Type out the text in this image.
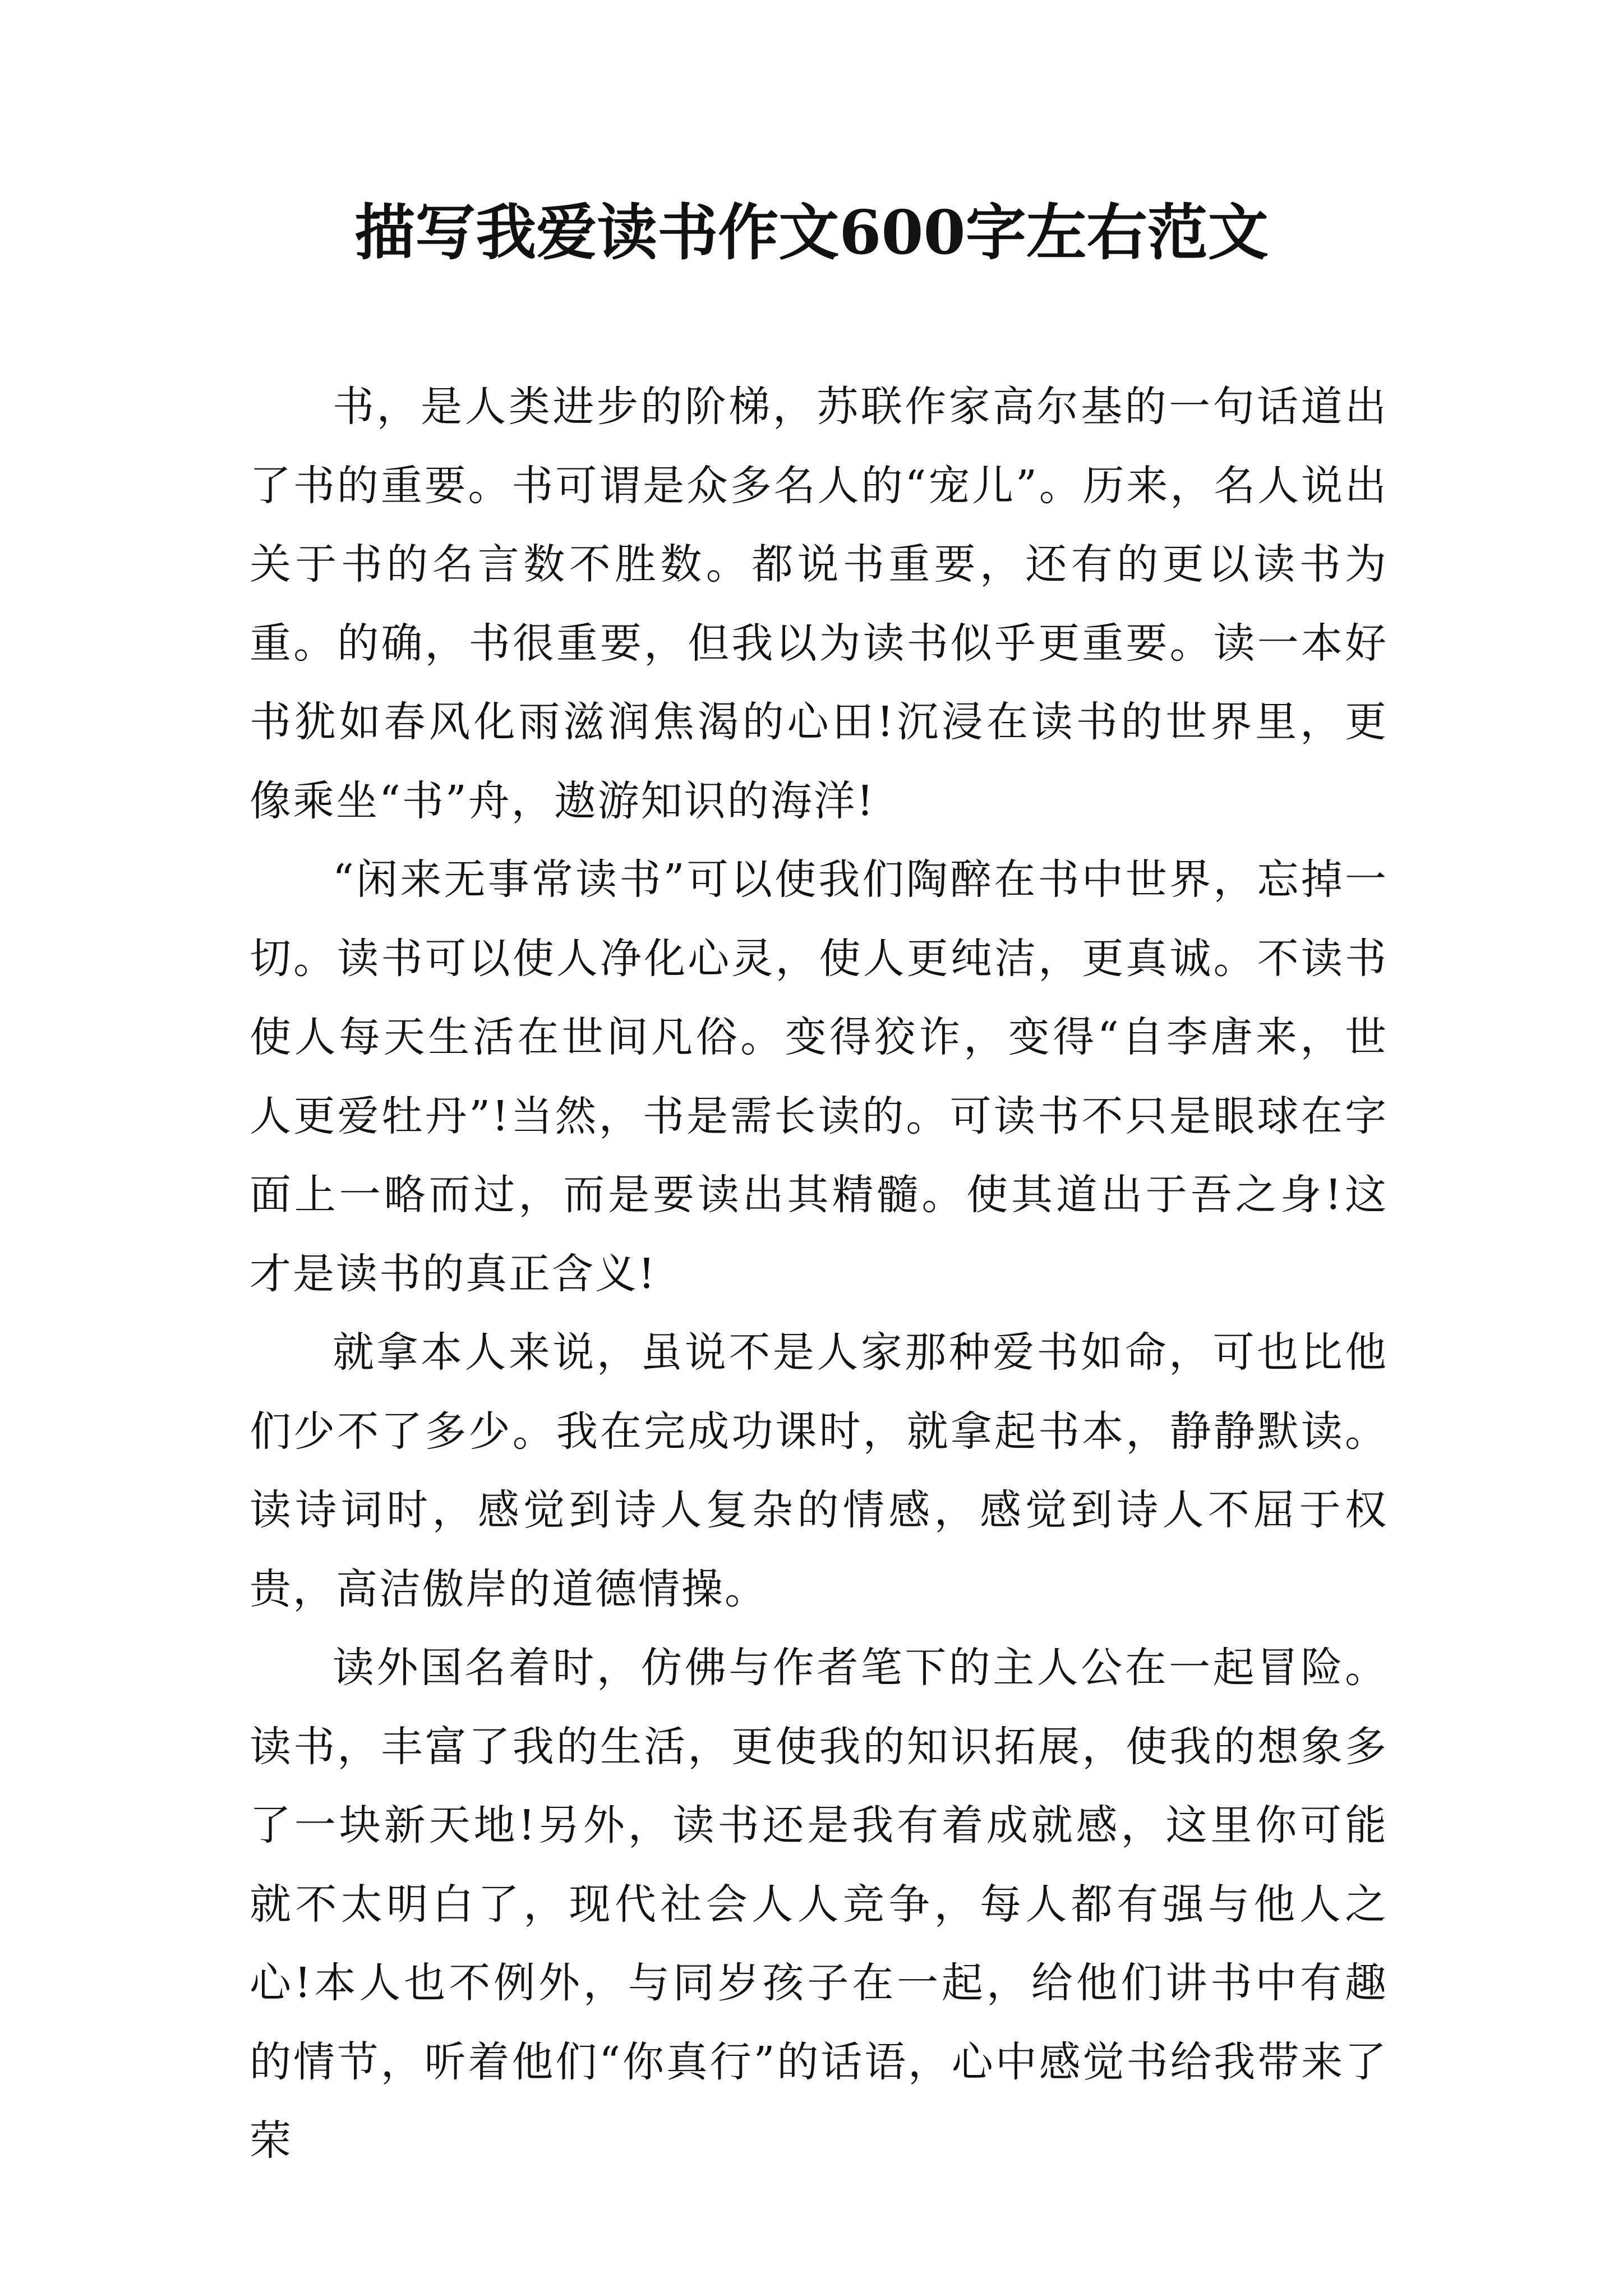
描写我爱读书作文600字左右范文

书，是人类进步的阶梯，苏联作家高尔基的一句话道出了书的重要。书可谓是众多名人的“宠儿”。历来，名人说出关于书的名言数不胜数。都说书重要，还有的更以读书为重。的确，书很重要，但我以为读书似乎更重要。读一本好书犹如春风化雨滋润焦渴的心田!沉浸在读书的世界里，更像乘坐“书”舟，遨游知识的海洋!

“闲来无事常读书”可以使我们陶醉在书中世界，忘掉一切。读书可以使人净化心灵，使人更纯洁，更真诚。不读书使人每天生活在世间凡俗。变得狡诈，变得“自李唐来，世人更爱牡丹”!当然，书是需长读的。可读书不只是眼球在字面上一略而过，而是要读出其精髓。使其道出于吾之身!这才是读书的真正含义!

就拿本人来说，虽说不是人家那种爱书如命，可也比他们少不了多少。我在完成功课时，就拿起书本，静静默读。读诗词时，感觉到诗人复杂的情感，感觉到诗人不屈于权贵，高洁傲岸的道德情操。

读外国名着时，仿佛与作者笔下的主人公在一起冒险。读书，丰富了我的生活，更使我的知识拓展，使我的想象多了一块新天地!另外，读书还是我有着成就感，这里你可能就不太明白了，现代社会人人竞争，每人都有强与他人之心!本人也不例外，与同岁孩子在一起，给他们讲书中有趣的情节，听着他们“你真行”的话语，心中感觉书给我带来了荣
